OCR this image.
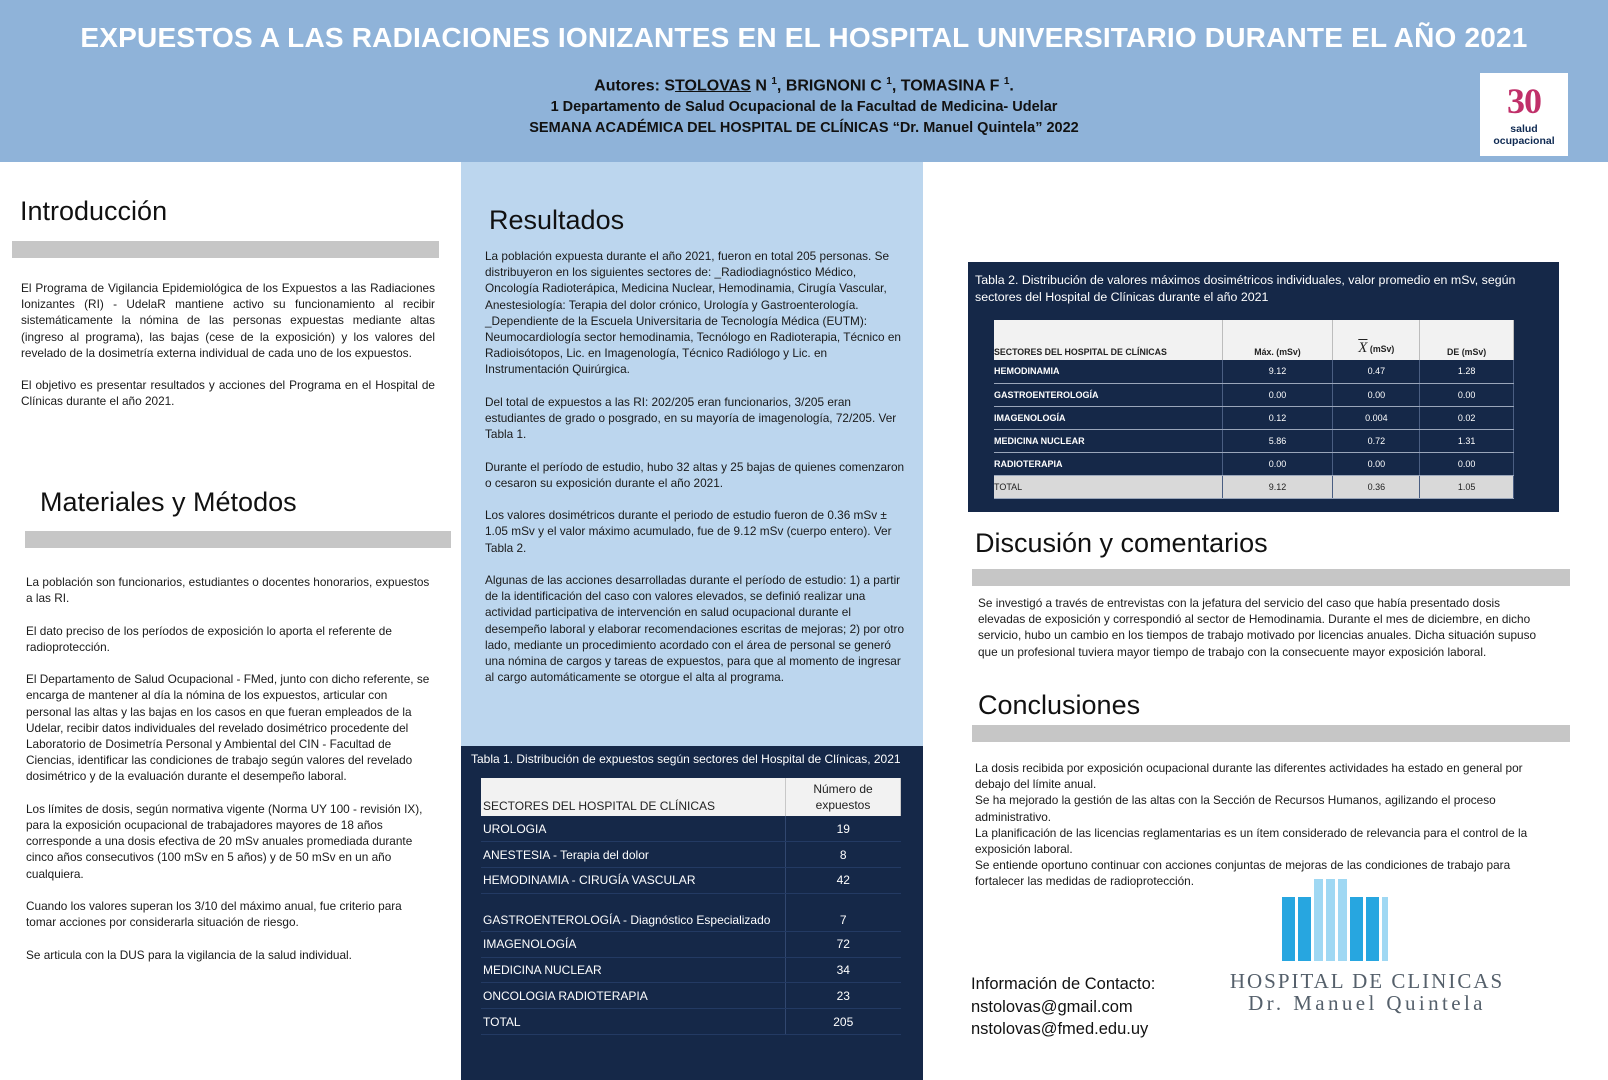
EXPUESTOS A LAS RADIACIONES IONIZANTES EN EL HOSPITAL UNIVERSITARIO DURANTE EL AÑO 2021
Autores: STOLOVAS N $^1$, BRIGNONI C $^1$, TOMASINA F $^1$.
1 Departamento de Salud Ocupacional de la Facultad de Medicina- Udelar
SEMANA ACADÉMICA DEL HOSPITAL DE CLÍNICAS “Dr. Manuel Quintela” 2022
30
salud ocupacional
Introducción

El Programa de Vigilancia Epidemiológica de los Expuestos a las Radiaciones Ionizantes (RI) - UdelaR mantiene activo su funcionamiento al recibir sistemáticamente la nómina de las personas expuestas mediante altas (ingreso al programa), las bajas (cese de la exposición) y los valores del revelado de la dosimetría externa individual de cada uno de los expuestos.

El objetivo es presentar resultados y acciones del Programa en el Hospital de Clínicas durante el año 2021.

Materiales y Métodos

La población son funcionarios, estudiantes o docentes honorarios, expuestos a las RI.

El dato preciso de los períodos de exposición lo aporta el referente de radioprotección.

El Departamento de Salud Ocupacional - FMed, junto con dicho referente, se encarga de mantener al día la nómina de los expuestos, articular con personal las altas y las bajas en los casos en que fueran empleados de la Udelar, recibir datos individuales del revelado dosimétrico procedente del Laboratorio de Dosimetría Personal y Ambiental del CIN - Facultad de Ciencias, identificar las condiciones de trabajo según valores del revelado dosimétrico y de la evaluación durante el desempeño laboral.

Los límites de dosis, según normativa vigente (Norma UY 100 - revisión IX), para la exposición ocupacional de trabajadores mayores de 18 años corresponde a una dosis efectiva de 20 mSv anuales promediada durante cinco años consecutivos (100 mSv en 5 años) y de 50 mSv en un año cualquiera.

Cuando los valores superan los 3/10 del máximo anual, fue criterio para tomar acciones por considerarla situación de riesgo.

Se articula con la DUS para la vigilancia de la salud individual.

Resultados

La población expuesta durante el año 2021, fueron en total 205 personas. Se distribuyeron en los siguientes sectores de: _Radiodiagnóstico Médico, Oncología Radioterápica, Medicina Nuclear, Hemodinamia, Cirugía Vascular, Anestesiología: Terapia del dolor crónico, Urología y Gastroenterología. _Dependiente de la Escuela Universitaria de Tecnología Médica (EUTM): Neumocardiología sector hemodinamia, Tecnólogo en Radioterapia, Técnico en Radioisótopos, Lic. en Imagenología, Técnico Radiólogo y Lic. en Instrumentación Quirúrgica.

Del total de expuestos a las RI: 202/205 eran funcionarios, 3/205 eran estudiantes de grado o posgrado, en su mayoría de imagenología, 72/205. Ver Tabla 1.

Durante el período de estudio, hubo 32 altas y 25 bajas de quienes comenzaron o cesaron su exposición durante el año 2021.

Los valores dosimétricos durante el periodo de estudio fueron de 0.36 mSv ± 1.05 mSv y el valor máximo acumulado, fue de 9.12 mSv (cuerpo entero). Ver Tabla 2.

Algunas de las acciones desarrolladas durante el período de estudio: 1) a partir de la identificación del caso con valores elevados, se definió realizar una actividad participativa de intervención en salud ocupacional durante el desempeño laboral y elaborar recomendaciones escritas de mejoras; 2) por otro lado, mediante un procedimiento acordado con el área de personal se generó una nómina de cargos y tareas de expuestos, para que al momento de ingresar al cargo automáticamente se otorgue el alta al programa.

Tabla 1. Distribución de expuestos según sectores del Hospital de Clínicas, 2021
SECTORES DEL HOSPITAL DE CLÍNICAS	Número de
expuestos
UROLOGIA	19
ANESTESIA - Terapia del dolor	8
HEMODINAMIA - CIRUGÍA VASCULAR	42
GASTROENTEROLOGÍA - Diagnóstico Especializado	7
IMAGENOLOGÍA	72
MEDICINA NUCLEAR	34
ONCOLOGIA RADIOTERAPIA	23
TOTAL	205
Tabla 2. Distribución de valores máximos dosimétricos individuales, valor promedio en mSv, según sectores del Hospital de Clínicas durante el año 2021
SECTORES DEL HOSPITAL DE CLÍNICAS	Máx. (mSv)	$\overline{X}$ (mSv)	DE (mSv)
HEMODINAMIA	9.12	0.47	1.28
GASTROENTEROLOGÍA	0.00	0.00	0.00
IMAGENOLOGÍA	0.12	0.004	0.02
MEDICINA NUCLEAR	5.86	0.72	1.31
RADIOTERAPIA	0.00	0.00	0.00
TOTAL	9.12	0.36	1.05
Discusión y comentarios

Se investigó a través de entrevistas con la jefatura del servicio del caso que había presentado dosis elevadas de exposición y correspondió al sector de Hemodinamia. Durante el mes de diciembre, en dicho servicio, hubo un cambio en los tiempos de trabajo motivado por licencias anuales. Dicha situación supuso que un profesional tuviera mayor tiempo de trabajo con la consecuente mayor exposición laboral.

Conclusiones
La dosis recibida por exposición ocupacional durante las diferentes actividades ha estado en general por debajo del límite anual.
Se ha mejorado la gestión de las altas con la Sección de Recursos Humanos, agilizando el proceso administrativo.
La planificación de las licencias reglamentarias es un ítem considerado de relevancia para el control de la exposición laboral.
Se entiende oportuno continuar con acciones conjuntas de mejoras de las condiciones de trabajo para fortalecer las medidas de radioprotección.
Información de Contacto:
nstolovas@gmail.com
nstolovas@fmed.edu.uy
HOSPITAL DE CLINICAS
Dr. Manuel Quintela
